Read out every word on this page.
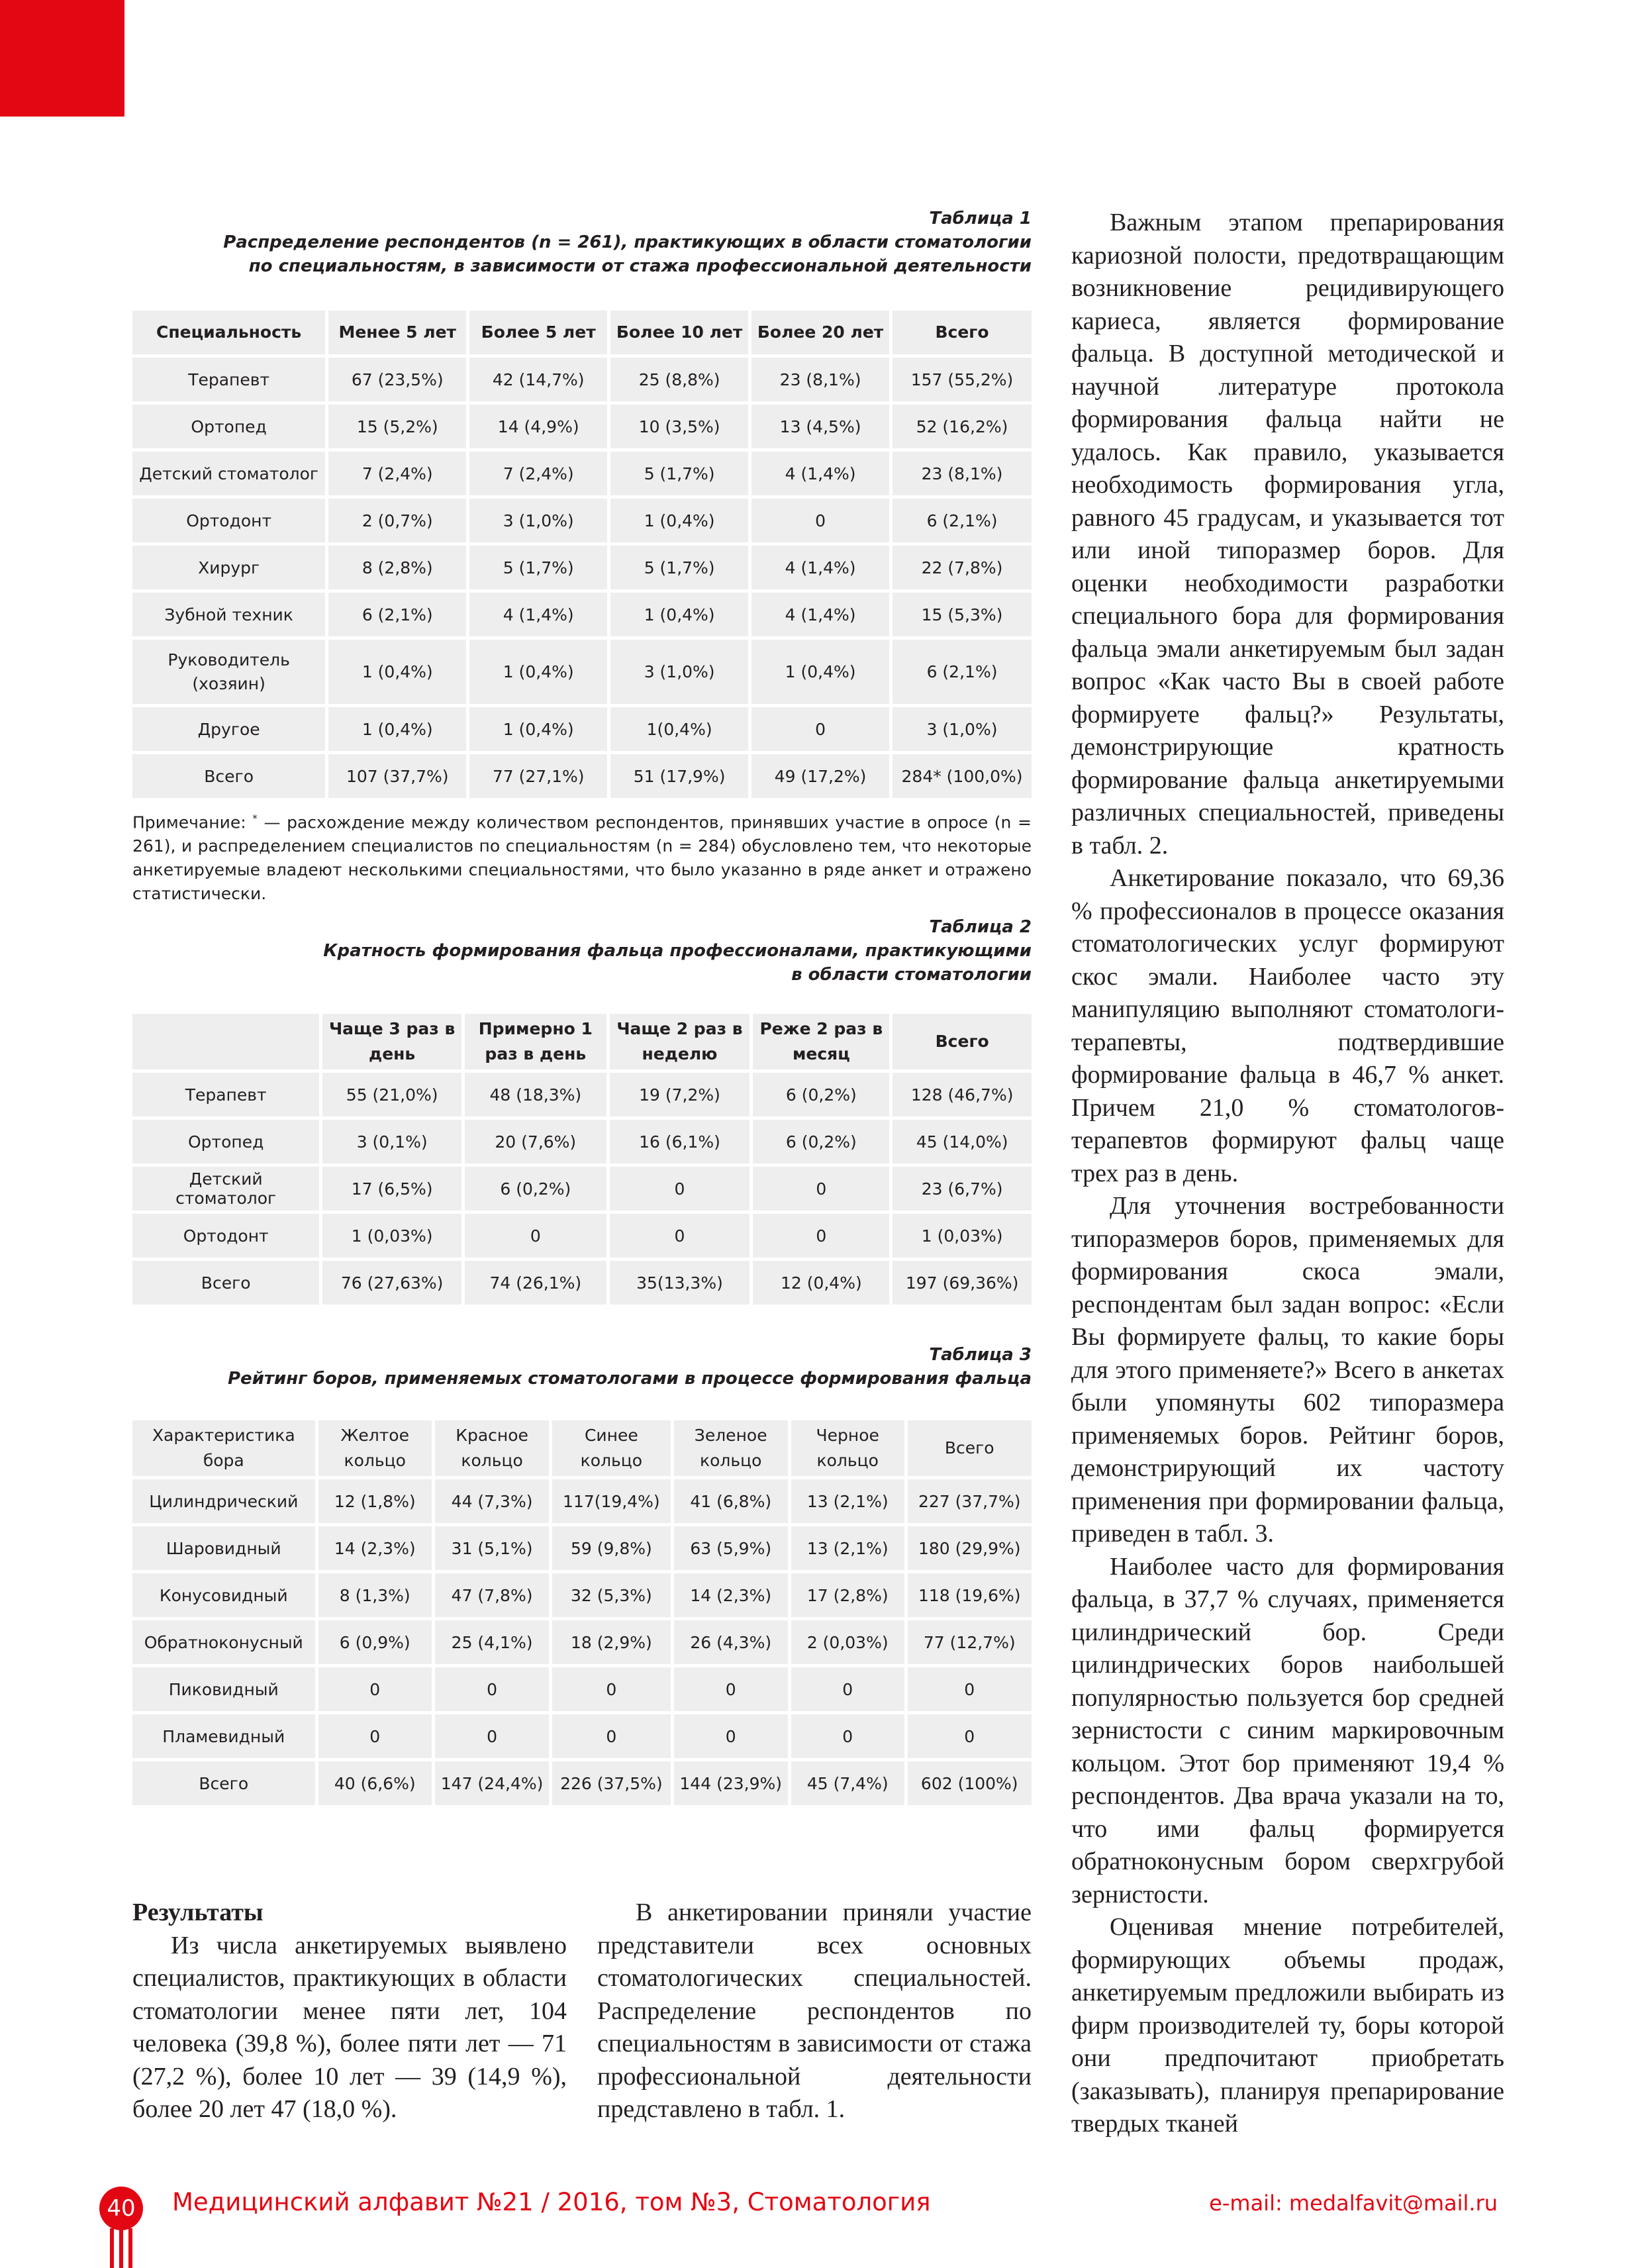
Таблица 1
Распределение респондентов (n = 261), практикующих в области стоматологии
по специальностям, в зависимости от стажа профессиональной деятельности
Специальность	Менее 5 лет	Более 5 лет	Более 10 лет	Более 20 лет	Всего
Терапевт	67 (23,5%)	42 (14,7%)	25 (8,8%)	23 (8,1%)	157 (55,2%)
Ортопед	15 (5,2%)	14 (4,9%)	10 (3,5%)	13 (4,5%)	52 (16,2%)
Детский стоматолог	7 (2,4%)	7 (2,4%)	5 (1,7%)	4 (1,4%)	23 (8,1%)
Ортодонт	2 (0,7%)	3 (1,0%)	1 (0,4%)	0	6 (2,1%)
Хирург	8 (2,8%)	5 (1,7%)	5 (1,7%)	4 (1,4%)	22 (7,8%)
Зубной техник	6 (2,1%)	4 (1,4%)	1 (0,4%)	4 (1,4%)	15 (5,3%)
Руководитель (хозяин)	1 (0,4%)	1 (0,4%)	3 (1,0%)	1 (0,4%)	6 (2,1%)
Другое	1 (0,4%)	1 (0,4%)	1(0,4%)	0	3 (1,0%)
Всего	107 (37,7%)	77 (27,1%)	51 (17,9%)	49 (17,2%)	284* (100,0%)
Примечание: * — расхождение между количеством респондентов, принявших участие в опросе (n = 261), и распределением специалистов по специальностям (n = 284) обусловлено тем, что некоторые анкетируемые владеют несколькими специальностями, что было указанно в ряде анкет и отражено статистически.
Таблица 2
Кратность формирования фальца профессионалами, практикующими
в области стоматологии
	Чаще 3 раз в день	Примерно 1 раз в день	Чаще 2 раз в неделю	Реже 2 раз в месяц	Всего
Терапевт	55 (21,0%)	48 (18,3%)	19 (7,2%)	6 (0,2%)	128 (46,7%)
Ортопед	3 (0,1%)	20 (7,6%)	16 (6,1%)	6 (0,2%)	45 (14,0%)
Детский стоматолог	17 (6,5%)	6 (0,2%)	0	0	23 (6,7%)
Ортодонт	1 (0,03%)	0	0	0	1 (0,03%)
Всего	76 (27,63%)	74 (26,1%)	35(13,3%)	12 (0,4%)	197 (69,36%)
Таблица 3
Рейтинг боров, применяемых стоматологами в процессе формирования фальца
Характеристика бора	Желтое кольцо	Красное кольцо	Синее кольцо	Зеленое кольцо	Черное кольцо	Всего
Цилиндрический	12 (1,8%)	44 (7,3%)	117(19,4%)	41 (6,8%)	13 (2,1%)	227 (37,7%)
Шаровидный	14 (2,3%)	31 (5,1%)	59 (9,8%)	63 (5,9%)	13 (2,1%)	180 (29,9%)
Конусовидный	8 (1,3%)	47 (7,8%)	32 (5,3%)	14 (2,3%)	17 (2,8%)	118 (19,6%)
Обратноконусный	6 (0,9%)	25 (4,1%)	18 (2,9%)	26 (4,3%)	2 (0,03%)	77 (12,7%)
Пиковидный	0	0	0	0	0	0
Пламевидный	0	0	0	0	0	0
Всего	40 (6,6%)	147 (24,4%)	226 (37,5%)	144 (23,9%)	45 (7,4%)	602 (100%)

Результаты

Из числа анкетируемых выявлено специалистов, практикующих в области стоматологии менее пяти лет, 104 человека (39,8 %), более пяти лет — 71 (27,2 %), более 10 лет — 39 (14,9 %), более 20 лет 47 (18,0 %).

В анкетировании приняли участие представители всех основных стоматологических специальностей. Распределение респондентов по специальностям в зависимости от стажа профессиональной деятельности представлено в табл. 1.

Важным этапом препарирования кариозной полости, предотвращающим возникновение рецидивирующего кариеса, является формирование фальца. В доступной методической и научной литературе протокола формирования фальца найти не удалось. Как правило, указывается необходимость формирования угла, равного 45 градусам, и указывается тот или иной типоразмер боров. Для оценки необходимости разработки специального бора для формирования фальца эмали анкетируемым был задан вопрос «Как часто Вы в своей работе формируете фальц?» Результаты, демонстрирующие кратность формирование фальца анкетируемыми различных специальностей, приведены в табл. 2.

Анкетирование показало, что 69,36 % профессионалов в процессе оказания стоматологических услуг формируют скос эмали. Наиболее часто эту манипуляцию выполняют стоматологи-терапевты, подтвердившие формирование фальца в 46,7 % анкет. Причем 21,0 % стоматологов-терапевтов формируют фальц чаще трех раз в день.

Для уточнения востребованности типоразмеров боров, применяемых для формирования скоса эмали, респондентам был задан вопрос: «Если Вы формируете фальц, то какие боры для этого применяете?» Всего в анкетах были упомянуты 602 типоразмера применяемых боров. Рейтинг боров, демонстрирующий их частоту применения при формировании фальца, приведен в табл. 3.

Наиболее часто для формирования фальца, в 37,7 % случаях, применяется цилиндрический бор. Среди цилиндрических боров наибольшей популярностью пользуется бор средней зернистости с синим маркировочным кольцом. Этот бор применяют 19,4 % респондентов. Два врача указали на то, что ими фальц формируется обратноконусным бором сверхгрубой зернистости.

Оценивая мнение потребителей, формирующих объемы продаж, анкетируемым предложили выбирать из фирм производителей ту, боры которой они предпочитают приобретать (заказывать), планируя препарирование твердых тканей

40	Медицинский алфавит №21 / 2016, том №3, Стоматология	e-mail: medalfavit@mail.ru
